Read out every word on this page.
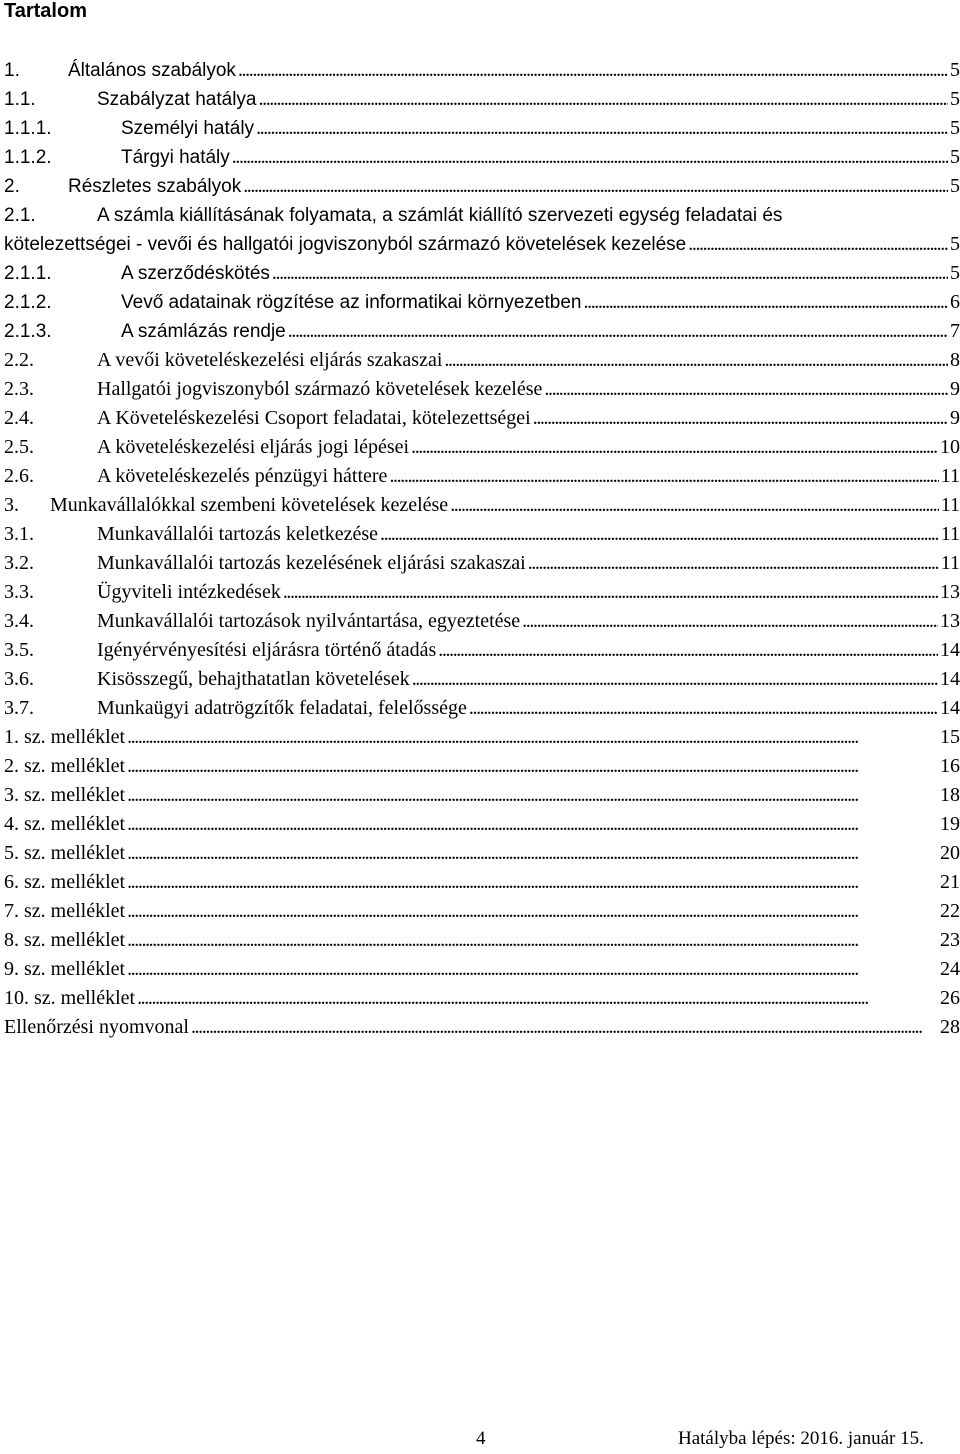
Tartalom
1.	Általános szabályok . . .	5
1.1.	Szabályzat hatálya . . .	5
1.1.1.	Személyi hatály . . .	5
1.1.2.	Tárgyi hatály . . .	5
2.	Részletes szabályok . . .	5
2.1.	A számla kiállításának folyamata, a számlát kiállító szervezeti egység feladatai és
kötelezettségei - vevői és hallgatói jogviszonyból származó követelések kezelése . . .	5
2.1.1.	A szerződéskötés . . .	5
2.1.2.	Vevő adatainak rögzítése az informatikai környezetben . . .	6
2.1.3.	A számlázás rendje . . .	7
2.2.	A vevői követeléskezelési eljárás szakaszai . . .	8
2.3.	Hallgatói jogviszonyból származó követelések kezelése . . .	9
2.4.	A Követeléskezelési Csoport feladatai, kötelezettségei . . .	9
2.5.	A követeléskezelési eljárás jogi lépései . . .	10
2.6.	A követeléskezelés pénzügyi háttere . . .	11
3.	Munkavállalókkal szembeni követelések kezelése . . .	11
3.1.	Munkavállalói tartozás keletkezése . . .	11
3.2.	Munkavállalói tartozás kezelésének eljárási szakaszai . . .	11
3.3.	Ügyviteli intézkedések . . .	13
3.4.	Munkavállalói tartozások nyilvántartása, egyeztetése . . .	13
3.5.	Igényérvényesítési eljárásra történő átadás . . .	14
3.6.	Kisösszegű, behajthatatlan követelések . . .	14
3.7.	Munkaügyi adatrögzítők feladatai, felelőssége . . .	14
1. sz. melléklet . . .	15
2. sz. melléklet . . .	16
3. sz. melléklet . . .	18
4. sz. melléklet . . .	19
5. sz. melléklet . . .	20
6. sz. melléklet . . .	21
7. sz. melléklet . . .	22
8. sz. melléklet . . .	23
9. sz. melléklet . . .	24
10. sz. melléklet . . .	26
Ellenőrzési nyomvonal . . .	28
4	Hatályba lépés: 2016. január 15.
